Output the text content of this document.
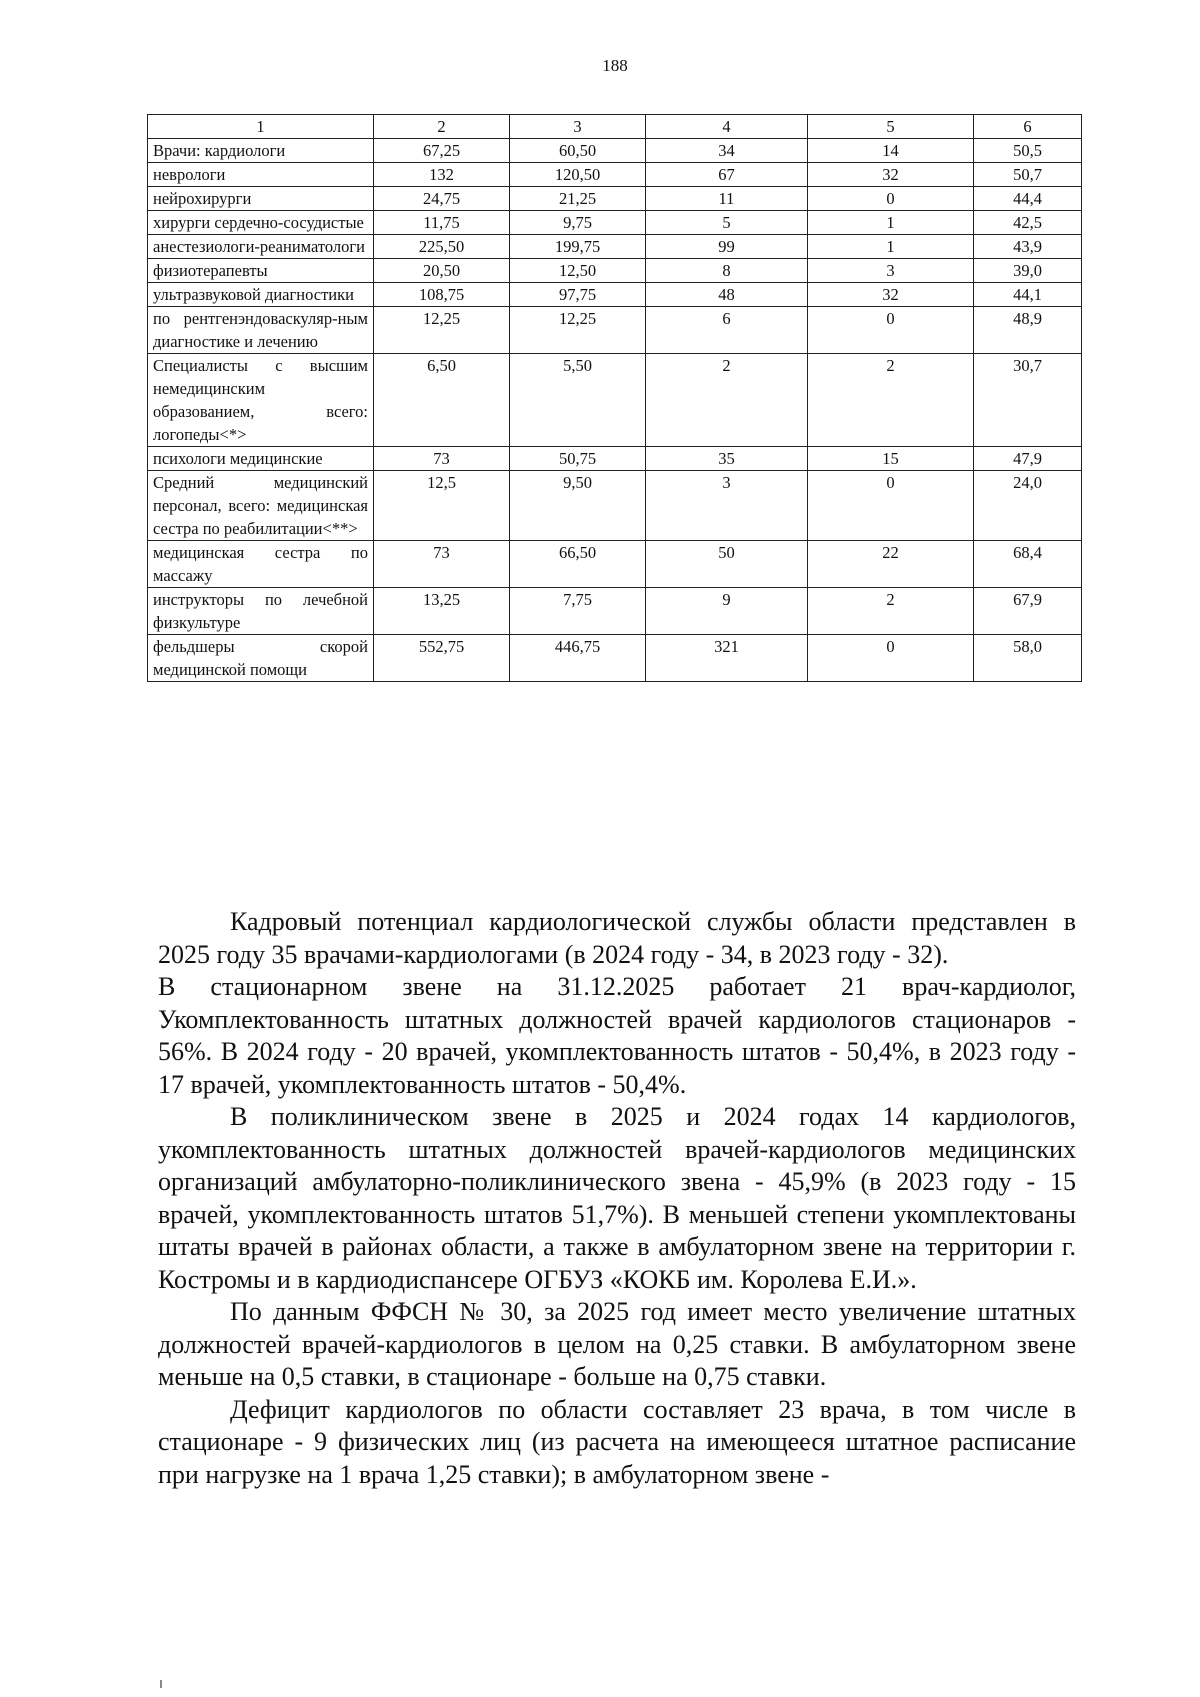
188
1	2	3	4	5	6
Врачи: кардиологи	67,25	60,50	34	14	50,5
неврологи	132	120,50	67	32	50,7
нейрохирурги	24,75	21,25	11	0	44,4
хирурги сердечно-сосудистые	11,75	9,75	5	1	42,5
анестезиологи-реаниматологи	225,50	199,75	99	1	43,9
физиотерапевты	20,50	12,50	8	3	39,0
ультразвуковой диагностики	108,75	97,75	48	32	44,1
по рентгенэндоваскуляр-ным диагностике и лечению	12,25	12,25	6	0	48,9
Специалисты с высшим немедицинским образованием, всего: логопеды<*>	6,50	5,50	2	2	30,7
психологи медицинские	73	50,75	35	15	47,9
Средний медицинский персонал, всего: медицинская сестра по реабилитации<**>	12,5	9,50	3	0	24,0
медицинская сестра по массажу	73	66,50	50	22	68,4
инструкторы по лечебной физкультуре	13,25	7,75	9	2	67,9
фельдшеры скорой медицинской помощи	552,75	446,75	321	0	58,0

Кадровый потенциал кардиологической службы области представлен в 2025 году 35 врачами-кардиологами (в 2024 году - 34, в 2023 году - 32).

В стационарном звене на 31.12.2025 работает 21 врач-кардиолог, Укомплектованность штатных должностей врачей кардиологов стационаров - 56%. В 2024 году - 20 врачей, укомплектованность штатов - 50,4%, в 2023 году - 17 врачей, укомплектованность штатов - 50,4%.

В поликлиническом звене в 2025 и 2024 годах 14 кардиологов, укомплектованность штатных должностей врачей-кардиологов медицинских организаций амбулаторно-поликлинического звена - 45,9% (в 2023 году - 15 врачей, укомплектованность штатов 51,7%). В меньшей степени укомплектованы штаты врачей в районах области, а также в амбулаторном звене на территории г. Костромы и в кардиодиспансере ОГБУЗ «КОКБ им. Королева Е.И.».

По данным ФФСН № 30, за 2025 год имеет место увеличение штатных должностей врачей-кардиологов в целом на 0,25 ставки. В амбулаторном звене меньше на 0,5 ставки, в стационаре - больше на 0,75 ставки.

Дефицит кардиологов по области составляет 23 врача, в том числе в стационаре - 9 физических лиц (из расчета на имеющееся штатное расписание при нагрузке на 1 врача 1,25 ставки); в амбулаторном звене -
